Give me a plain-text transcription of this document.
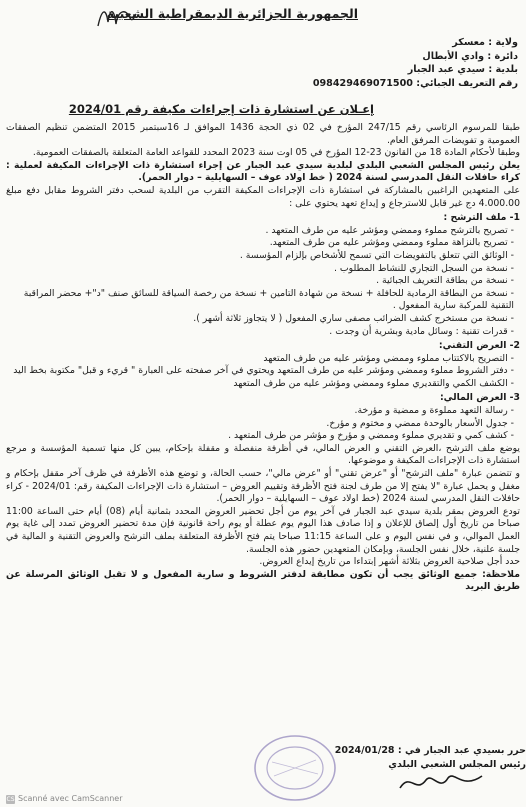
الجمهورية الجزائرية الديمقراطية الشعبية
ولاية : معسكر
دائرة : وادي الأبطال
بلدية : سيدي عبد الجبار
رقم التعريف الجبائي: 098429469071500
إعـلان عن استشارة ذات إجراءات مكيفة رقم 2024/01

طبقا للمرسوم الرئاسي رقم 247/15 المؤرخ في 02 ذي الحجة 1436 الموافق لـ 16سبتمبر 2015 المتضمن تنظيم الصفقات العمومية و تفويضات المرفق العام.

وطبقا لأحكام المادة 18 من القانون 23-12 المؤرخ في 05 اوت سنة 2023 المحدد للقواعد العامة المتعلقة بالصفقات العمومية.

يعلن رئيس المجلس الشعبي البلدي لبلدية سيدي عبد الجبار عن إجراء استشارة ذات الإجراءات المكيفة لعملية : كراء حافلات النقل المدرسي لسنة 2024 ( خط اولاد عوف – السهايلية – دوار الحمر).

على المتعهدين الراغبين بالمشاركة في استشارة ذات الإجراءات المكيفة التقرب من البلدية لسحب دفتر الشروط مقابل دفع مبلغ 4.000.00 دج غير قابل للاسترجاع و إيداع تعهد يحتوي على :

1- ملف الترشح :

- تصريح بالترشح مملوء وممضي ومؤشر عليه من طرف المتعهد .
- تصريح بالنزاهة مملوء وممضي ومؤشر عليه من طرف المتعهد.
- الوثائق التي تتعلق بالتفويضات التي تسمح للأشخاص بإلزام المؤسسة .
- نسخة من السجل التجاري للنشاط المطلوب .
- نسخة من بطاقة التعريف الجبائية .
- نسخة من البطاقة الرمادية للحافلة + نسخة من شهادة التامين + نسخة من رخصة السياقة للسائق صنف "د"+ محضر المراقبة التقنية للمركبة سارية المفعول .
- نسخة من مستخرج كشف الضرائب مصفى ساري المفعول ( لا يتجاوز ثلاثة أشهر ).
- قدرات تقنية : وسائل مادية وبشرية أن وجدت .

2- العرض التقني:

- التصريح بالاكتتاب مملوء وممضي ومؤشر عليه من طرف المتعهد
- دفتر الشروط مملوء وممضي ومؤشر عليه من طرف المتعهد ويحتوي في آخر صفحته على العبارة " قريء و قبل" مكتوبة بخط اليد
- الكشف الكمي والتقديري مملوء وممضي ومؤشر عليه من طرف المتعهد

3- العرض المالي:

- رسالة التعهد مملوءة و ممضية و مؤرخة.
- جدول الأسعار بالوحدة ممضي و مختوم و مؤرخ.
- كشف كمي و تقديري مملوء وممضي و مؤرخ و مؤشر من طرف المتعهد .

يوضع ملف الترشح ،العرض التقني و العرض المالي، في أظرفة منفصلة و مقفلة بإحكام، يبين كل منها تسمية المؤسسة و مرجع استشارة ذات الإجراءات المكيفة و موضوعها.

و تتضمن عبارة "ملف الترشح" أو "عرض تقني" أو "عرض مالي"، حسب الحالة، و توضع هذه الأظرفة في ظرف آخر مقفل بإحكام و مغفل و يحمل عبارة "لا يفتح إلا من طرف لجنة فتح الأظرفة وتقييم العروض – استشارة ذات الإجراءات المكيفة رقم: 2024/01 - كراء حافلات النقل المدرسي لسنة 2024 (خط اولاد عوف – السهايلية – دوار الحمر).

تودع العروض بمقر بلدية سيدي عبد الجبار في آخر يوم من أجل تحضير العروض المحدد بثمانية أيام (08) أيام حتى الساعة 11:00 صباحا من تاريخ أول إلصاق للإعلان و إذا صادف هذا اليوم يوم عطلة أو يوم راحة قانونية فإن مدة تحضير العروض تمدد إلى غاية يوم العمل الموالي، و في نفس اليوم و على الساعة 11:15 صباحا يتم فتح الأظرفة المتعلقة بملف الترشح والعروض التقنية و المالية في جلسة علنية، خلال نفس الجلسة، وبإمكان المتعهدين حضور هذه الجلسة.

حدد أجل صلاحية العروض بثلاثة أشهر إبتداءا من تاريخ إيداع العروض.

ملاحظة: جميع الوثائق يجب أن تكون مطابقة لدفتر الشروط و سارية المفعول و لا تقبل الوثائق المرسلة عن طريق البريد

حرر بسيدي عبد الجبار في : 2024/01/28
رئيس المجلس الشعبي البلدي
CS Scanné avec CamScanner
